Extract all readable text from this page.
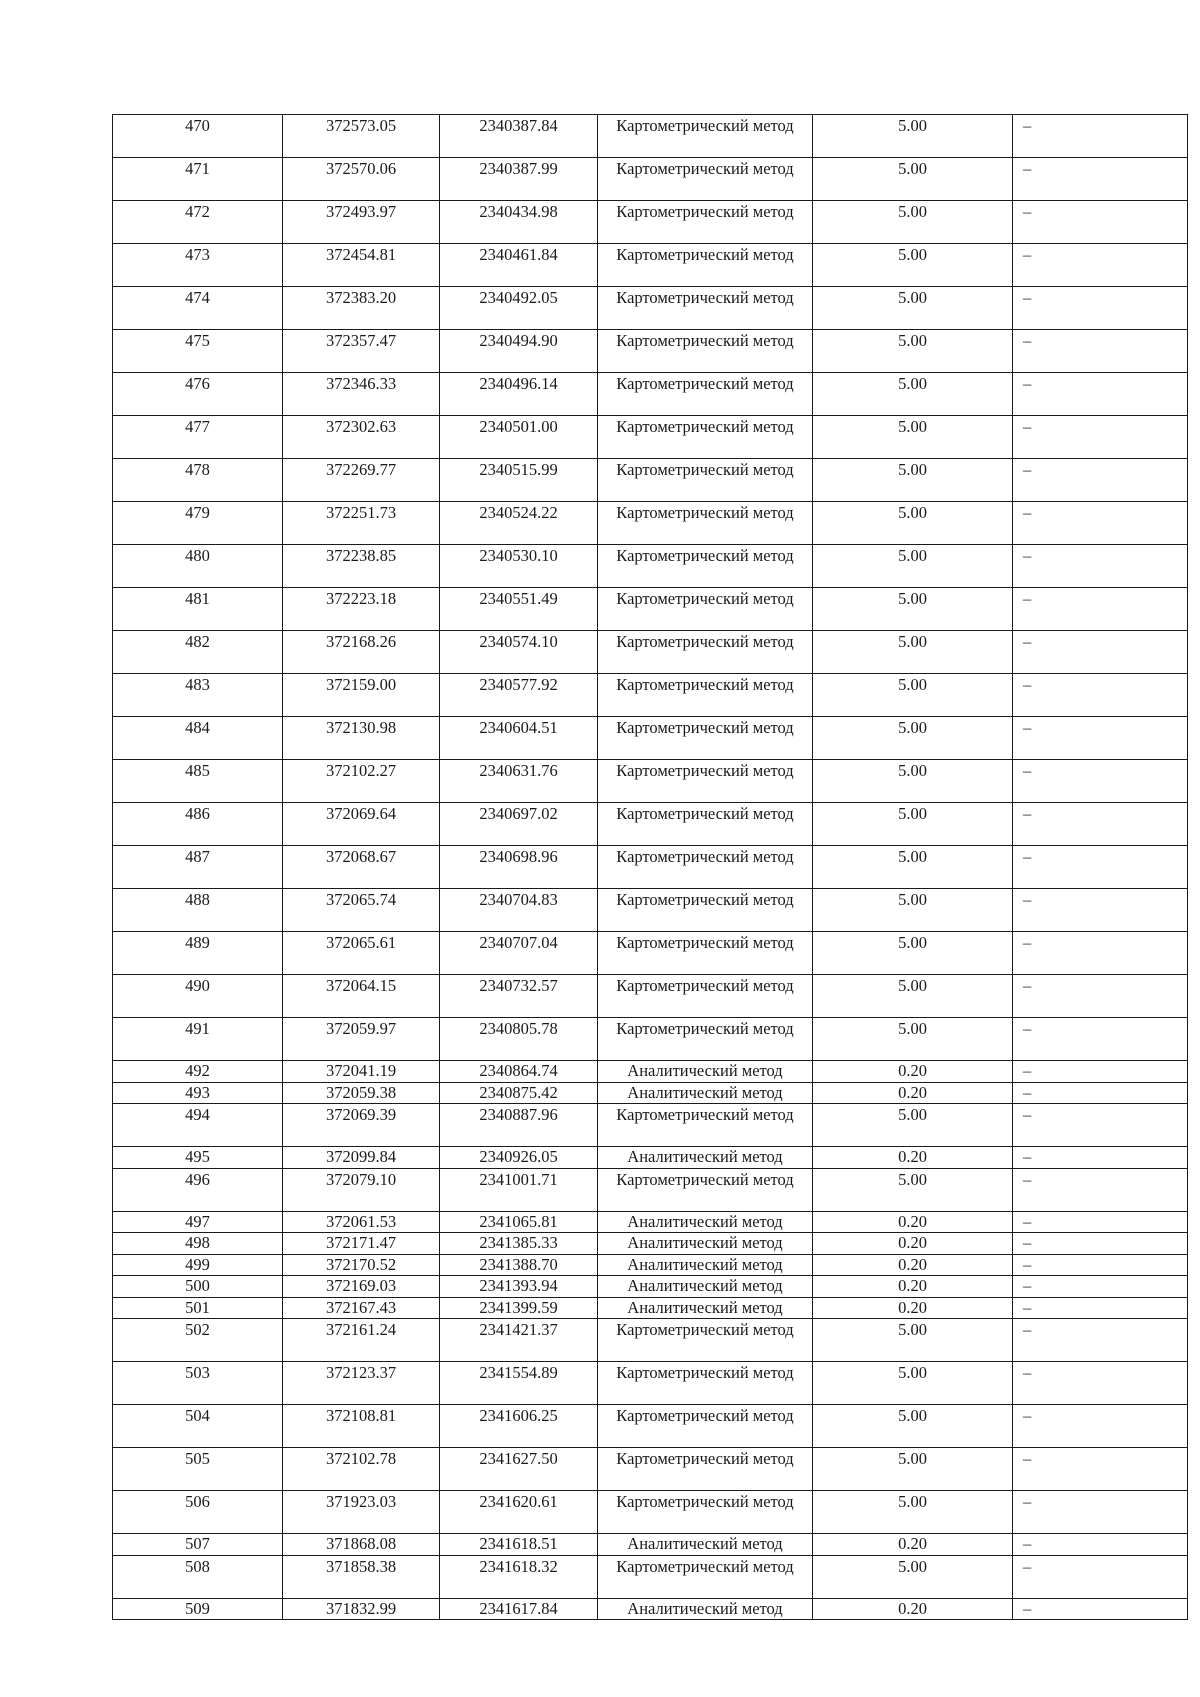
470	372573.05	2340387.84	Картометрический метод	5.00	–
471	372570.06	2340387.99	Картометрический метод	5.00	–
472	372493.97	2340434.98	Картометрический метод	5.00	–
473	372454.81	2340461.84	Картометрический метод	5.00	–
474	372383.20	2340492.05	Картометрический метод	5.00	–
475	372357.47	2340494.90	Картометрический метод	5.00	–
476	372346.33	2340496.14	Картометрический метод	5.00	–
477	372302.63	2340501.00	Картометрический метод	5.00	–
478	372269.77	2340515.99	Картометрический метод	5.00	–
479	372251.73	2340524.22	Картометрический метод	5.00	–
480	372238.85	2340530.10	Картометрический метод	5.00	–
481	372223.18	2340551.49	Картометрический метод	5.00	–
482	372168.26	2340574.10	Картометрический метод	5.00	–
483	372159.00	2340577.92	Картометрический метод	5.00	–
484	372130.98	2340604.51	Картометрический метод	5.00	–
485	372102.27	2340631.76	Картометрический метод	5.00	–
486	372069.64	2340697.02	Картометрический метод	5.00	–
487	372068.67	2340698.96	Картометрический метод	5.00	–
488	372065.74	2340704.83	Картометрический метод	5.00	–
489	372065.61	2340707.04	Картометрический метод	5.00	–
490	372064.15	2340732.57	Картометрический метод	5.00	–
491	372059.97	2340805.78	Картометрический метод	5.00	–
492	372041.19	2340864.74	Аналитический метод	0.20	–
493	372059.38	2340875.42	Аналитический метод	0.20	–
494	372069.39	2340887.96	Картометрический метод	5.00	–
495	372099.84	2340926.05	Аналитический метод	0.20	–
496	372079.10	2341001.71	Картометрический метод	5.00	–
497	372061.53	2341065.81	Аналитический метод	0.20	–
498	372171.47	2341385.33	Аналитический метод	0.20	–
499	372170.52	2341388.70	Аналитический метод	0.20	–
500	372169.03	2341393.94	Аналитический метод	0.20	–
501	372167.43	2341399.59	Аналитический метод	0.20	–
502	372161.24	2341421.37	Картометрический метод	5.00	–
503	372123.37	2341554.89	Картометрический метод	5.00	–
504	372108.81	2341606.25	Картометрический метод	5.00	–
505	372102.78	2341627.50	Картометрический метод	5.00	–
506	371923.03	2341620.61	Картометрический метод	5.00	–
507	371868.08	2341618.51	Аналитический метод	0.20	–
508	371858.38	2341618.32	Картометрический метод	5.00	–
509	371832.99	2341617.84	Аналитический метод	0.20	–
